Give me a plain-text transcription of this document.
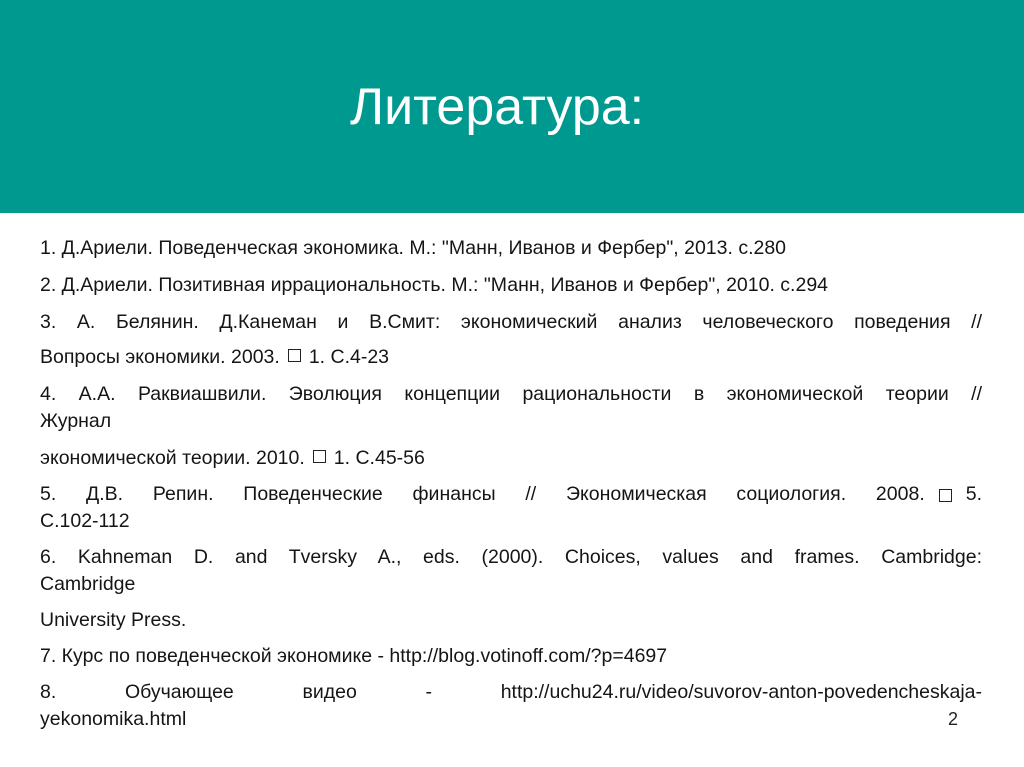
Литература:
1. Д.Ариели. Поведенческая экономика. М.: "Манн, Иванов и Фербер", 2013. с.280
2. Д.Ариели. Позитивная иррациональность. М.: "Манн, Иванов и Фербер", 2010. с.294
3. А. Белянин. Д.Канеман и В.Смит: экономический анализ человеческого поведения //
Вопросы экономики. 2003. 1. С.4-23
4. А.А. Раквиашвили. Эволюция концепции рациональности в экономической теории //
Журнал
экономической теории. 2010. 1. С.45-56
5. Д.В. Репин. Поведенческие финансы // Экономическая социология. 2008. 5.
С.102-112
6. Kahneman D. and Tversky A., eds. (2000). Choices, values and frames. Cambridge:
Cambridge
University Press.
7. Курс по поведенческой экономике - http://blog.votinoff.com/?p=4697
8. Обучающее видео - http://uchu24.ru/video/suvorov-anton-povedencheskaja-
yekonomika.html	2
